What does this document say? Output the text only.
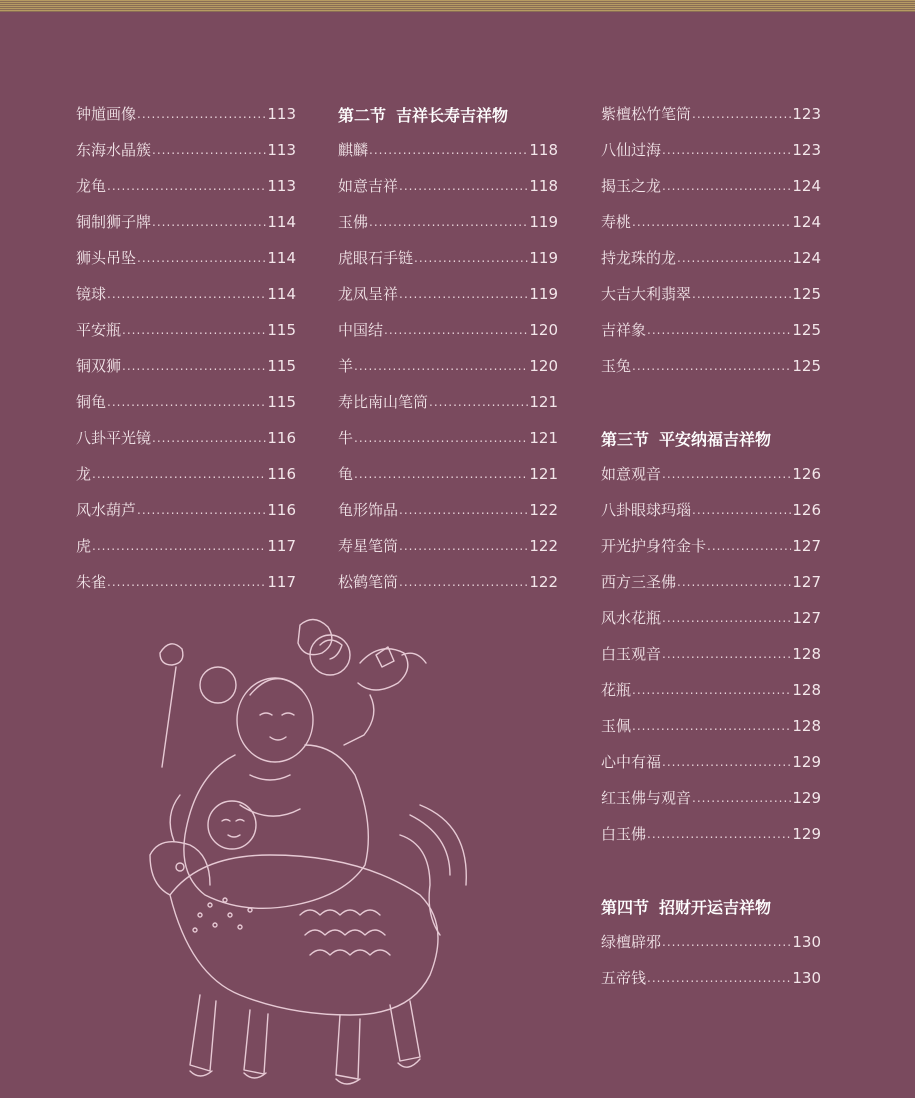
钟馗画像 .....	113
东海水晶簇 .....	113
龙龟 .....	113
铜制狮子牌 .....	114
狮头吊坠 .....	114
镜球 .....	114
平安瓶 .....	115
铜双狮 .....	115
铜龟 .....	115
八卦平光镜 .....	116
龙 .....	116
风水葫芦 .....	116
虎 .....	117
朱雀 .....	117
第二节 吉祥长寿吉祥物
麒麟 .....	118
如意吉祥 .....	118
玉佛 .....	119
虎眼石手链 .....	119
龙凤呈祥 .....	119
中国结 .....	120
羊 .....	120
寿比南山笔筒 .....	121
牛 .....	121
龟 .....	121
龟形饰品 .....	122
寿星笔筒 .....	122
松鹤笔筒 .....	122
紫檀松竹笔筒 .....	123
八仙过海 .....	123
揭玉之龙 .....	124
寿桃 .....	124
持龙珠的龙 .....	124
大吉大利翡翠 .....	125
吉祥象 .....	125
玉兔 .....	125
第三节 平安纳福吉祥物
如意观音 .....	126
八卦眼球玛瑙 .....	126
开光护身符金卡 .....	127
西方三圣佛 .....	127
风水花瓶 .....	127
白玉观音 .....	128
花瓶 .....	128
玉佩 .....	128
心中有福 .....	129
红玉佛与观音 .....	129
白玉佛 .....	129
第四节 招财开运吉祥物
绿檀辟邪 .....	130
五帝钱 .....	130
